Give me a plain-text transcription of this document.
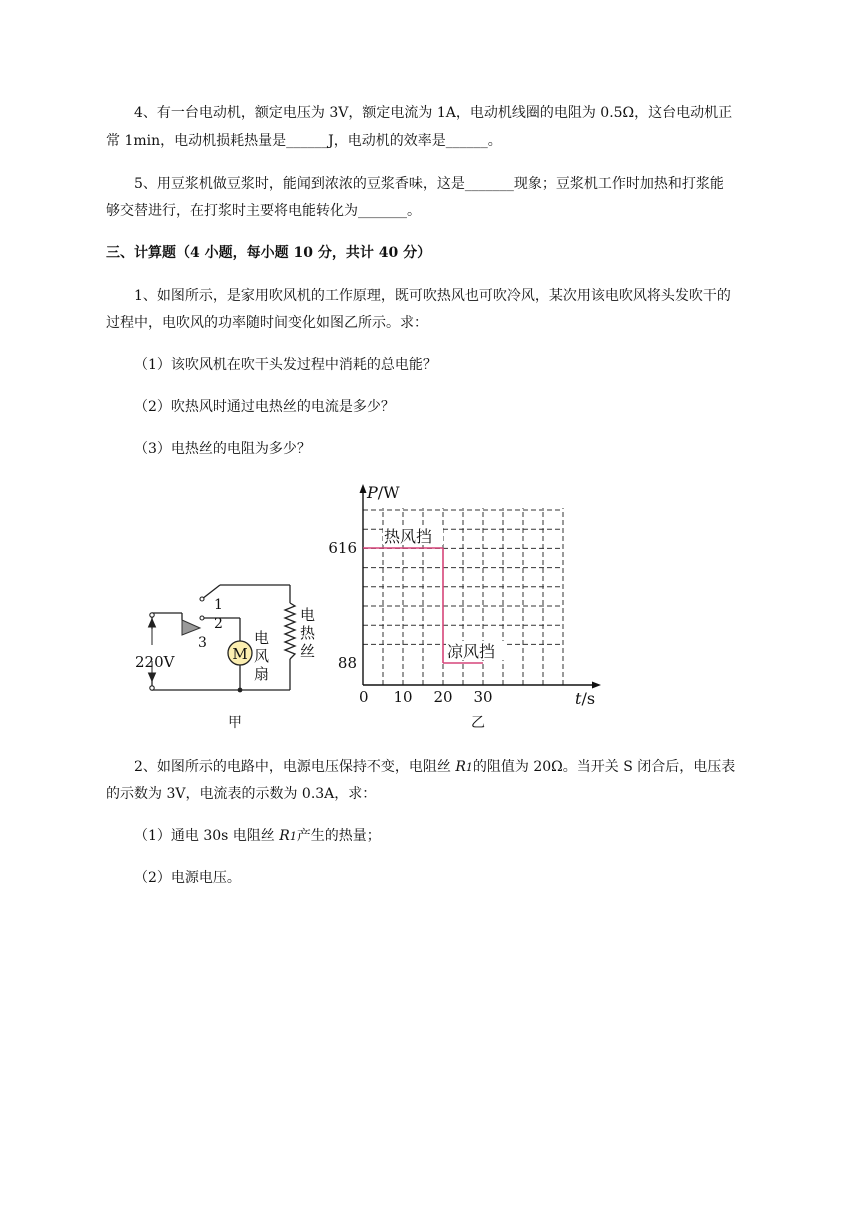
4、有一台电动机，额定电压为 3V，额定电流为 1A，电动机线圈的电阻为 0.5Ω，这台电动机正
常 1min，电动机损耗热量是______J，电动机的效率是______。
5、用豆浆机做豆浆时，能闻到浓浓的豆浆香味，这是_______现象；豆浆机工作时加热和打浆能
够交替进行，在打浆时主要将电能转化为_______。
三、计算题（4 小题，每小题 10 分，共计 40 分）
1、如图所示，是家用吹风机的工作原理，既可吹热风也可吹冷风，某次用该电吹风将头发吹干的
过程中，电吹风的功率随时间变化如图乙所示。求：
（1）该吹风机在吹干头发过程中消耗的总电能？
（2）吹热风时通过电热丝的电流是多少？
（3）电热丝的电阻为多少？
M
220V
1
2
3	电
风
扇
电
热
丝
甲
10 20 30
88
616
热风挡
凉风挡
P/W
t/s
0
乙
2、如图所示的电路中，电源电压保持不变，电阻丝 R1的阻值为 20Ω。当开关 S 闭合后，电压表
的示数为 3V，电流表的示数为 0.3A，求：
（1）通电 30s 电阻丝 R1产生的热量；
（2）电源电压。
